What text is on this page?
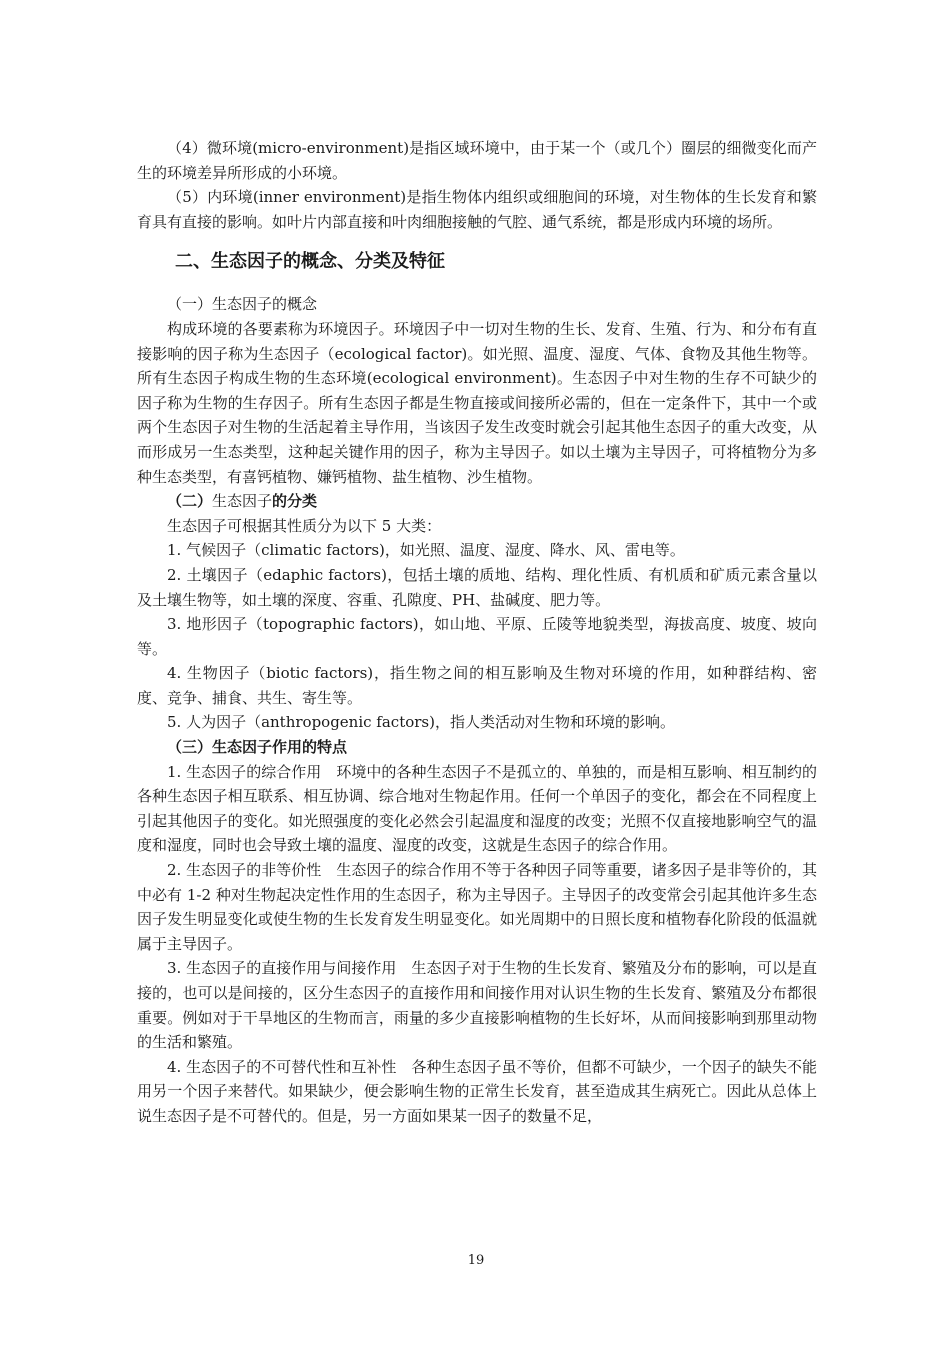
（4）微环境(micro-environment)是指区域环境中，由于某一个（或几个）圈层的细微变化而产生的环境差异所形成的小环境。

（5）内环境(inner environment)是指生物体内组织或细胞间的环境，对生物体的生长发育和繁育具有直接的影响。如叶片内部直接和叶肉细胞接触的气腔、通气系统，都是形成内环境的场所。

二、生态因子的概念、分类及特征

（一）生态因子的概念

构成环境的各要素称为环境因子。环境因子中一切对生物的生长、发育、生殖、行为、和分布有直接影响的因子称为生态因子（ecological factor)。如光照、温度、湿度、气体、食物及其他生物等。所有生态因子构成生物的生态环境(ecological environment)。生态因子中对生物的生存不可缺少的因子称为生物的生存因子。所有生态因子都是生物直接或间接所必需的，但在一定条件下，其中一个或两个生态因子对生物的生活起着主导作用，当该因子发生改变时就会引起其他生态因子的重大改变，从而形成另一生态类型，这种起关键作用的因子，称为主导因子。如以土壤为主导因子，可将植物分为多种生态类型，有喜钙植物、嫌钙植物、盐生植物、沙生植物。

（二）生态因子的分类

生态因子可根据其性质分为以下 5 大类：

1. 气候因子（climatic factors)，如光照、温度、湿度、降水、风、雷电等。

2. 土壤因子（edaphic factors)，包括土壤的质地、结构、理化性质、有机质和矿质元素含量以及土壤生物等，如土壤的深度、容重、孔隙度、PH、盐碱度、肥力等。

3. 地形因子（topographic factors)，如山地、平原、丘陵等地貌类型，海拔高度、坡度、坡向等。

4. 生物因子（biotic factors)，指生物之间的相互影响及生物对环境的作用，如种群结构、密度、竞争、捕食、共生、寄生等。

5. 人为因子（anthropogenic factors)，指人类活动对生物和环境的影响。

（三）生态因子作用的特点

1. 生态因子的综合作用　环境中的各种生态因子不是孤立的、单独的，而是相互影响、相互制约的各种生态因子相互联系、相互协调、综合地对生物起作用。任何一个单因子的变化，都会在不同程度上引起其他因子的变化。如光照强度的变化必然会引起温度和湿度的改变；光照不仅直接地影响空气的温度和湿度，同时也会导致土壤的温度、湿度的改变，这就是生态因子的综合作用。

2. 生态因子的非等价性　生态因子的综合作用不等于各种因子同等重要，诸多因子是非等价的，其中必有 1-2 种对生物起决定性作用的生态因子，称为主导因子。主导因子的改变常会引起其他许多生态因子发生明显变化或使生物的生长发育发生明显变化。如光周期中的日照长度和植物春化阶段的低温就属于主导因子。

3. 生态因子的直接作用与间接作用　生态因子对于生物的生长发育、繁殖及分布的影响，可以是直接的，也可以是间接的，区分生态因子的直接作用和间接作用对认识生物的生长发育、繁殖及分布都很重要。例如对于干旱地区的生物而言，雨量的多少直接影响植物的生长好坏，从而间接影响到那里动物的生活和繁殖。

4. 生态因子的不可替代性和互补性　各种生态因子虽不等价，但都不可缺少，一个因子的缺失不能用另一个因子来替代。如果缺少，便会影响生物的正常生长发育，甚至造成其生病死亡。因此从总体上说生态因子是不可替代的。但是，另一方面如果某一因子的数量不足，

19
